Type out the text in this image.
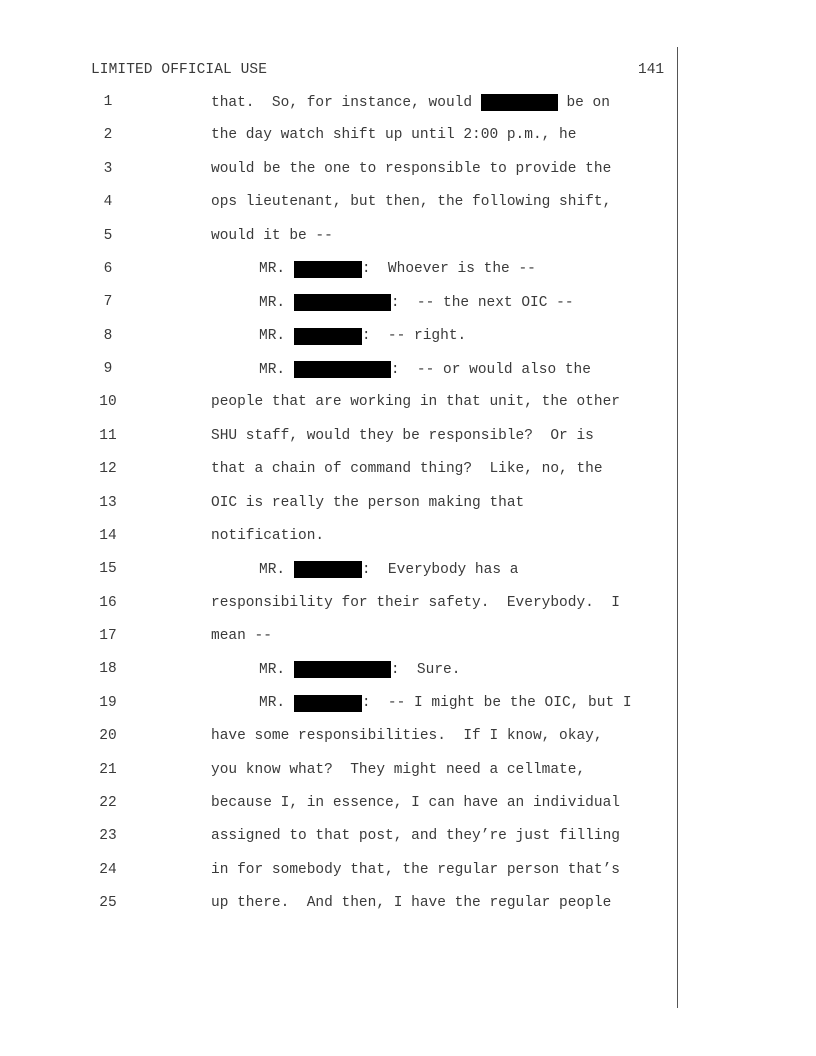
LIMITED OFFICIAL USE	141
1	that.  So, for instance, would	be on
2	the day watch shift up until 2:00 p.m., he
3	would be the one to responsible to provide the
4	ops lieutenant, but then, the following shift,
5	would it be --
6	MR.	:  Whoever is the --
7	MR.	:  -- the next OIC --
8	MR.	:  -- right.
9	MR.	:  -- or would also the
10	people that are working in that unit, the other
11	SHU staff, would they be responsible?  Or is
12	that a chain of command thing?  Like, no, the
13	OIC is really the person making that
14	notification.
15	MR.	:  Everybody has a
16	responsibility for their safety.  Everybody.  I
17	mean --
18	MR.	:  Sure.
19	MR.	:  -- I might be the OIC, but I
20	have some responsibilities.  If I know, okay,
21	you know what?  They might need a cellmate,
22	because I, in essence, I can have an individual
23	assigned to that post, and they’re just filling
24	in for somebody that, the regular person that’s
25	up there.  And then, I have the regular people
